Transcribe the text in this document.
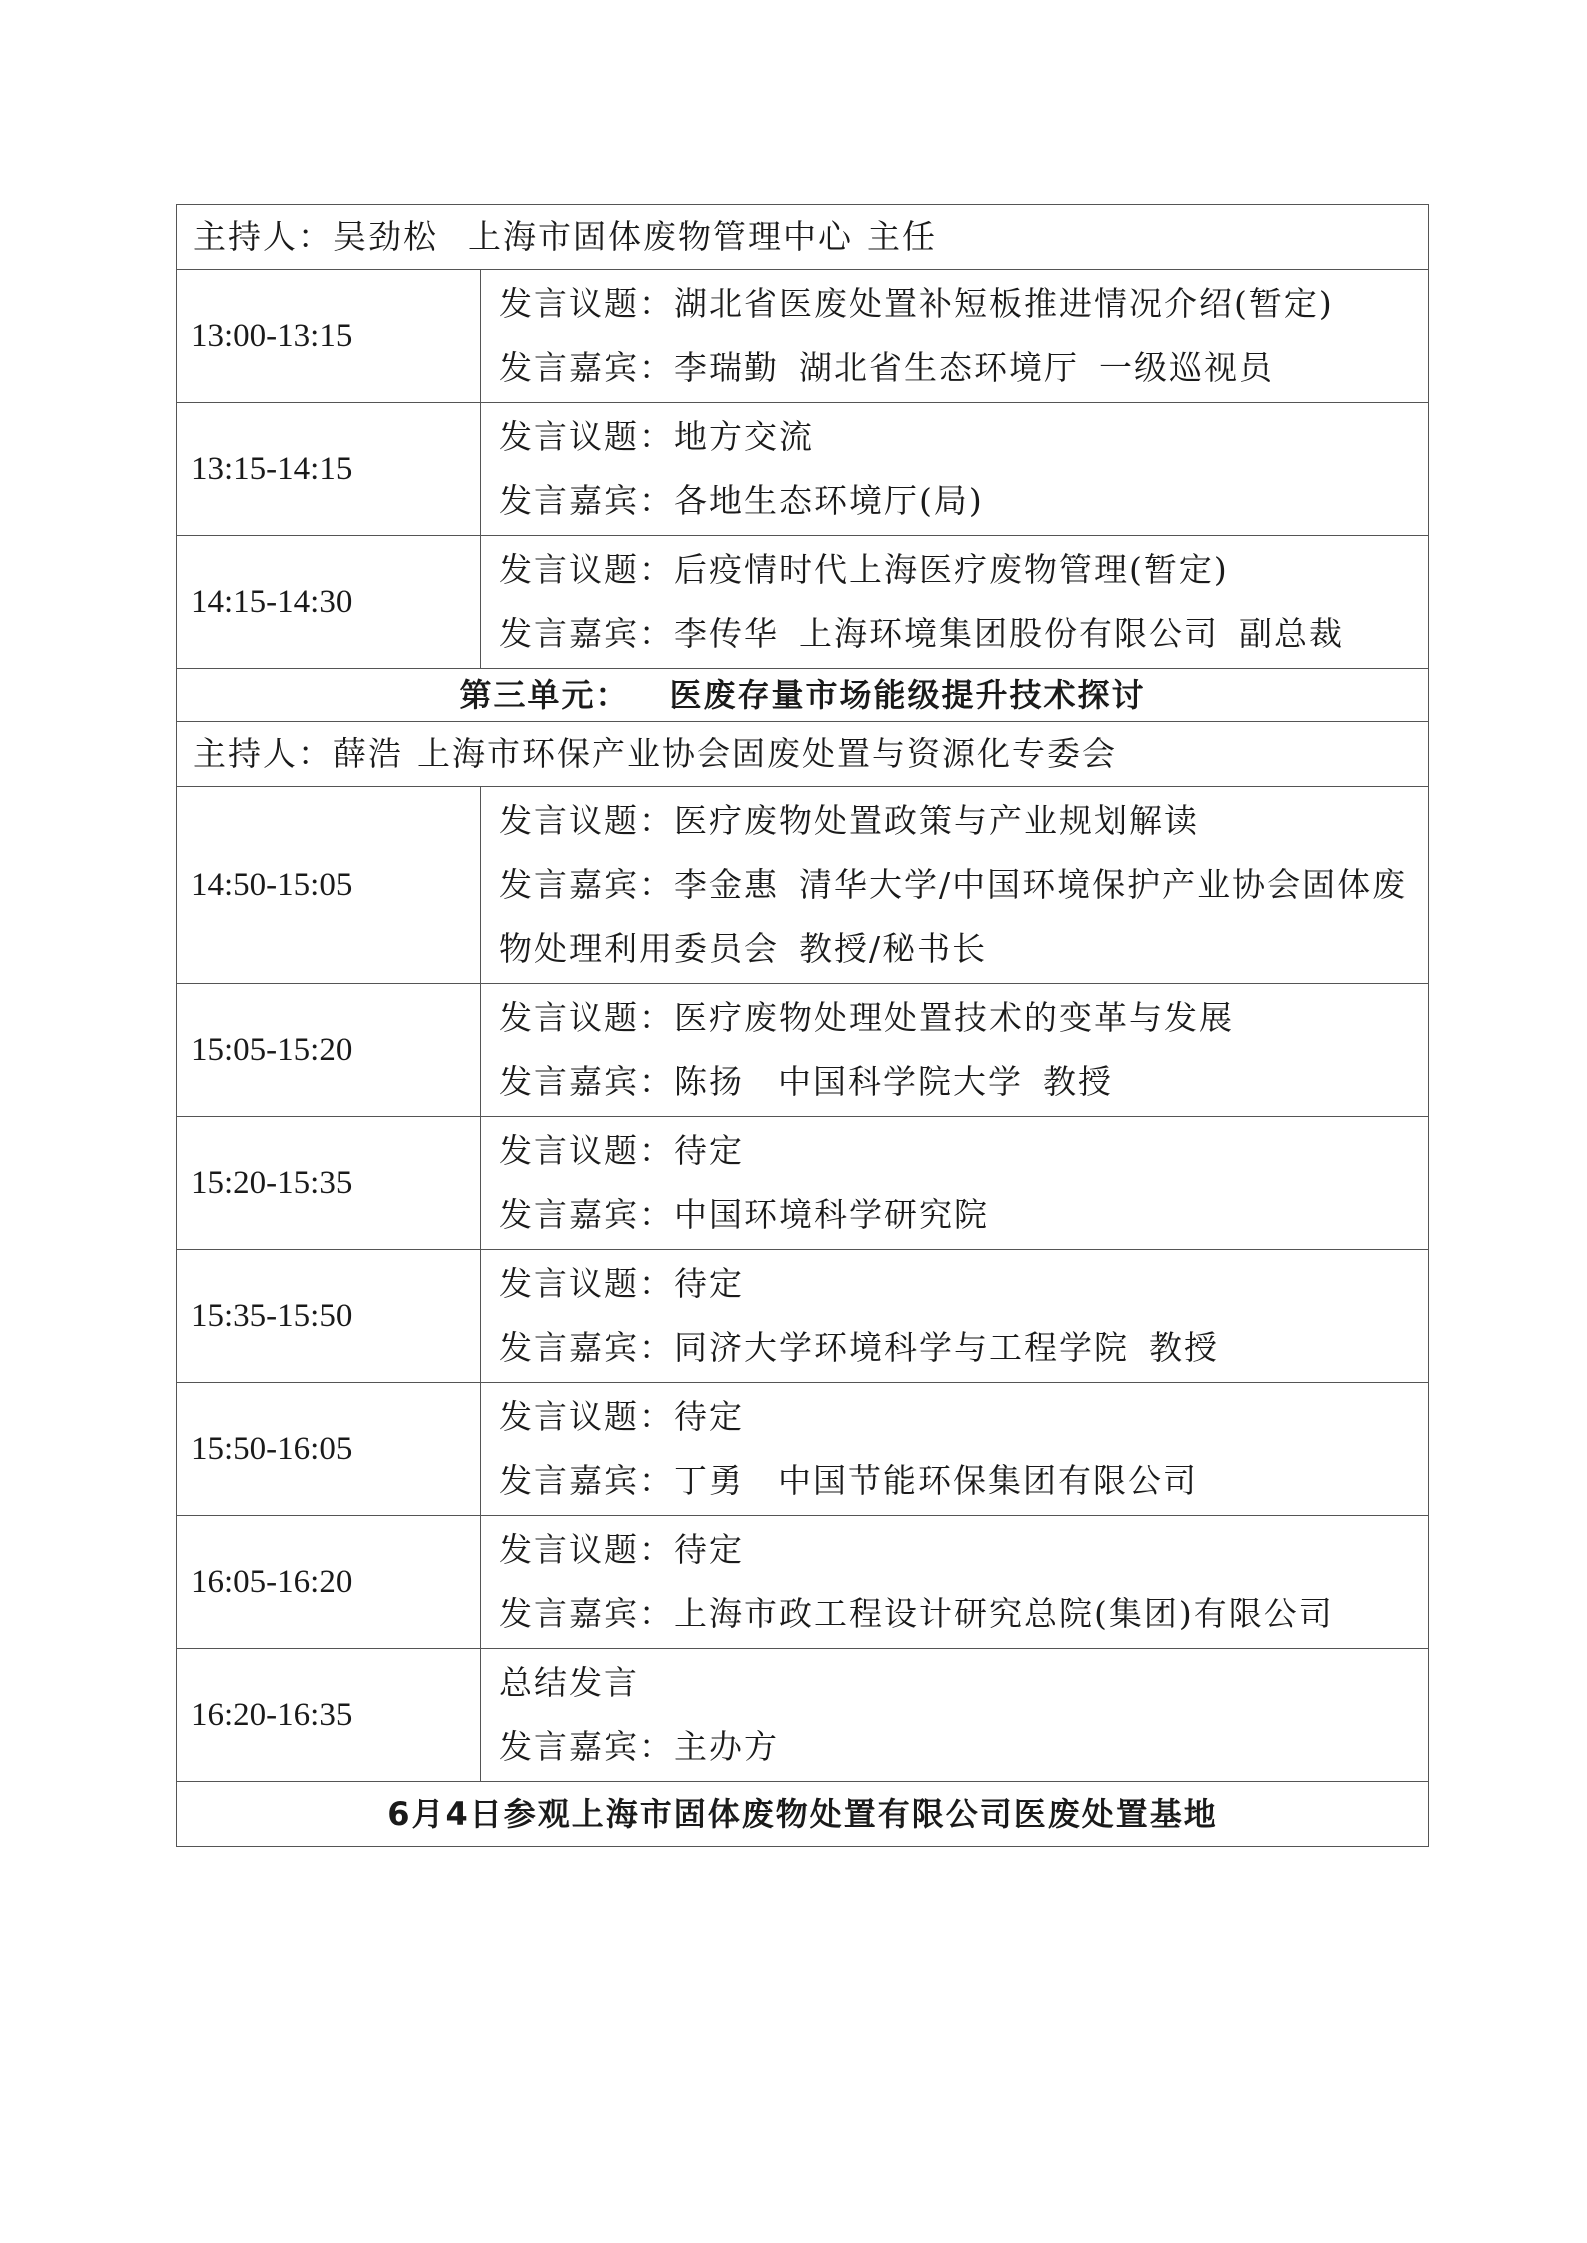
主持人：吴劲松 上海市固体废物管理中心 主任	
13:00-13:15	发言议题：湖北省医废处置补短板推进情况介绍(暂定)
发言嘉宾：李瑞勤 湖北省生态环境厅 一级巡视员

13:15-14:15	发言议题：地方交流
发言嘉宾：各地生态环境厅(局)

14:15-14:30	发言议题：后疫情时代上海医疗废物管理(暂定)
发言嘉宾：李传华 上海环境集团股份有限公司 副总裁

第三单元： 医废存量市场能级提升技术探讨	
主持人：薛浩 上海市环保产业协会固废处置与资源化专委会	
14:50-15:05	发言议题：医疗废物处置政策与产业规划解读
发言嘉宾：李金惠 清华大学/中国环境保护产业协会固体废物处理利用委员会 教授/秘书长

15:05-15:20	发言议题：医疗废物处理处置技术的变革与发展
发言嘉宾：陈扬 中国科学院大学 教授

15:20-15:35	发言议题：待定
发言嘉宾：中国环境科学研究院

15:35-15:50	发言议题：待定
发言嘉宾：同济大学环境科学与工程学院 教授

15:50-16:05	发言议题：待定
发言嘉宾：丁勇 中国节能环保集团有限公司

16:05-16:20	发言议题：待定
发言嘉宾：上海市政工程设计研究总院(集团)有限公司

16:20-16:35	总结发言
发言嘉宾：主办方

6月4日参观上海市固体废物处置有限公司医废处置基地	
